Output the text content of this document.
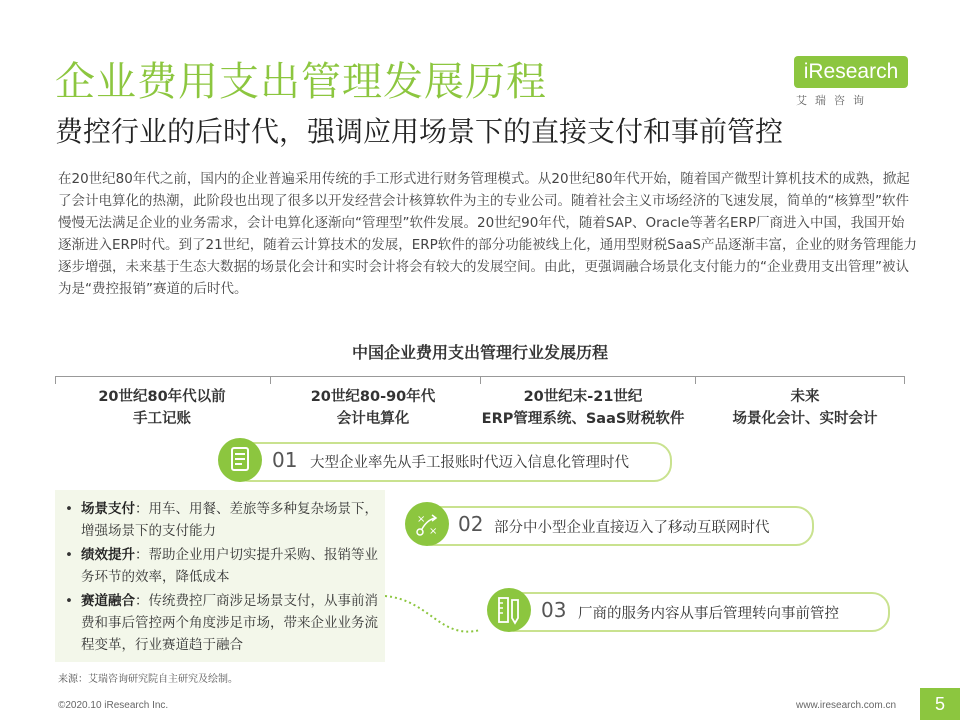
企业费用支出管理发展历程
费控行业的后时代，强调应用场景下的直接支付和事前管控
iResearch
艾瑞咨询
在20世纪80年代之前，国内的企业普遍采用传统的手工形式进行财务管理模式。从20世纪80年代开始，随着国产微型计算机技术的成熟，掀起了会计电算化的热潮，此阶段也出现了很多以开发经营会计核算软件为主的专业公司。随着社会主义市场经济的飞速发展，简单的“核算型”软件慢慢无法满足企业的业务需求，会计电算化逐渐向“管理型”软件发展。20世纪90年代，随着SAP、Oracle等著名ERP厂商进入中国，我国开始逐渐进入ERP时代。到了21世纪，随着云计算技术的发展，ERP软件的部分功能被线上化，通用型财税SaaS产品逐渐丰富，企业的财务管理能力逐步增强，未来基于生态大数据的场景化会计和实时会计将会有较大的发展空间。由此，更强调融合场景化支付能力的“企业费用支出管理”被认为是“费控报销”赛道的后时代。
中国企业费用支出管理行业发展历程
20世纪80年代以前
手工记账
20世纪80-90年代
会计电算化
20世纪末-21世纪
ERP管理系统、SaaS财税软件
未来
场景化会计、实时会计
01 大型企业率先从手工报账时代迈入信息化管理时代
×
× 02 部分中小型企业直接迈入了移动互联网时代
03 厂商的服务内容从事后管理转向事前管控
• 场景支付：用车、用餐、差旅等多种复杂场景下，增强场景下的支付能力
• 绩效提升：帮助企业用户切实提升采购、报销等业务环节的效率，降低成本
• 赛道融合：传统费控厂商涉足场景支付，从事前消费和事后管控两个角度涉足市场，带来企业业务流程变革，行业赛道趋于融合
来源：艾瑞咨询研究院自主研究及绘制。
©2020.10 iResearch Inc.	www.iresearch.com.cn	5
